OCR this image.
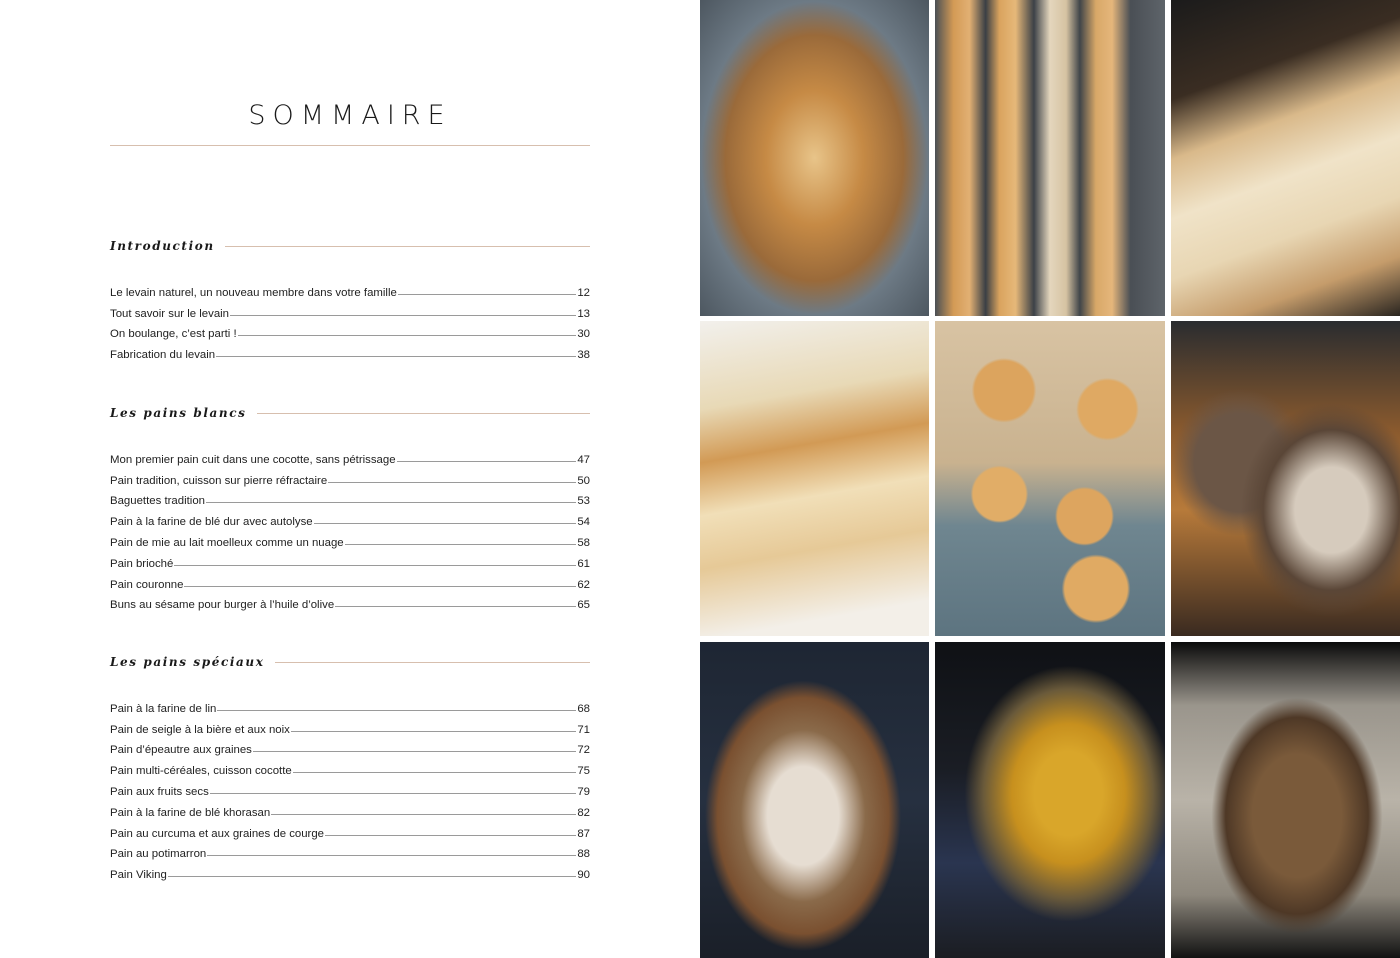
SOMMAIRE
Introduction
Le levain naturel, un nouveau membre dans votre famille	12
Tout savoir sur le levain	13
On boulange, c’est parti !	30
Fabrication du levain	38
Les pains blancs
Mon premier pain cuit dans une cocotte, sans pétrissage	47
Pain tradition, cuisson sur pierre réfractaire	50
Baguettes tradition	53
Pain à la farine de blé dur avec autolyse	54
Pain de mie au lait moelleux comme un nuage	58
Pain brioché	61
Pain couronne	62
Buns au sésame pour burger à l’huile d’olive	65
Les pains spéciaux
Pain à la farine de lin	68
Pain de seigle à la bière et aux noix	71
Pain d’épeautre aux graines	72
Pain multi-céréales, cuisson cocotte	75
Pain aux fruits secs	79
Pain à la farine de blé khorasan	82
Pain au curcuma et aux graines de courge	87
Pain au potimarron	88
Pain Viking	90
